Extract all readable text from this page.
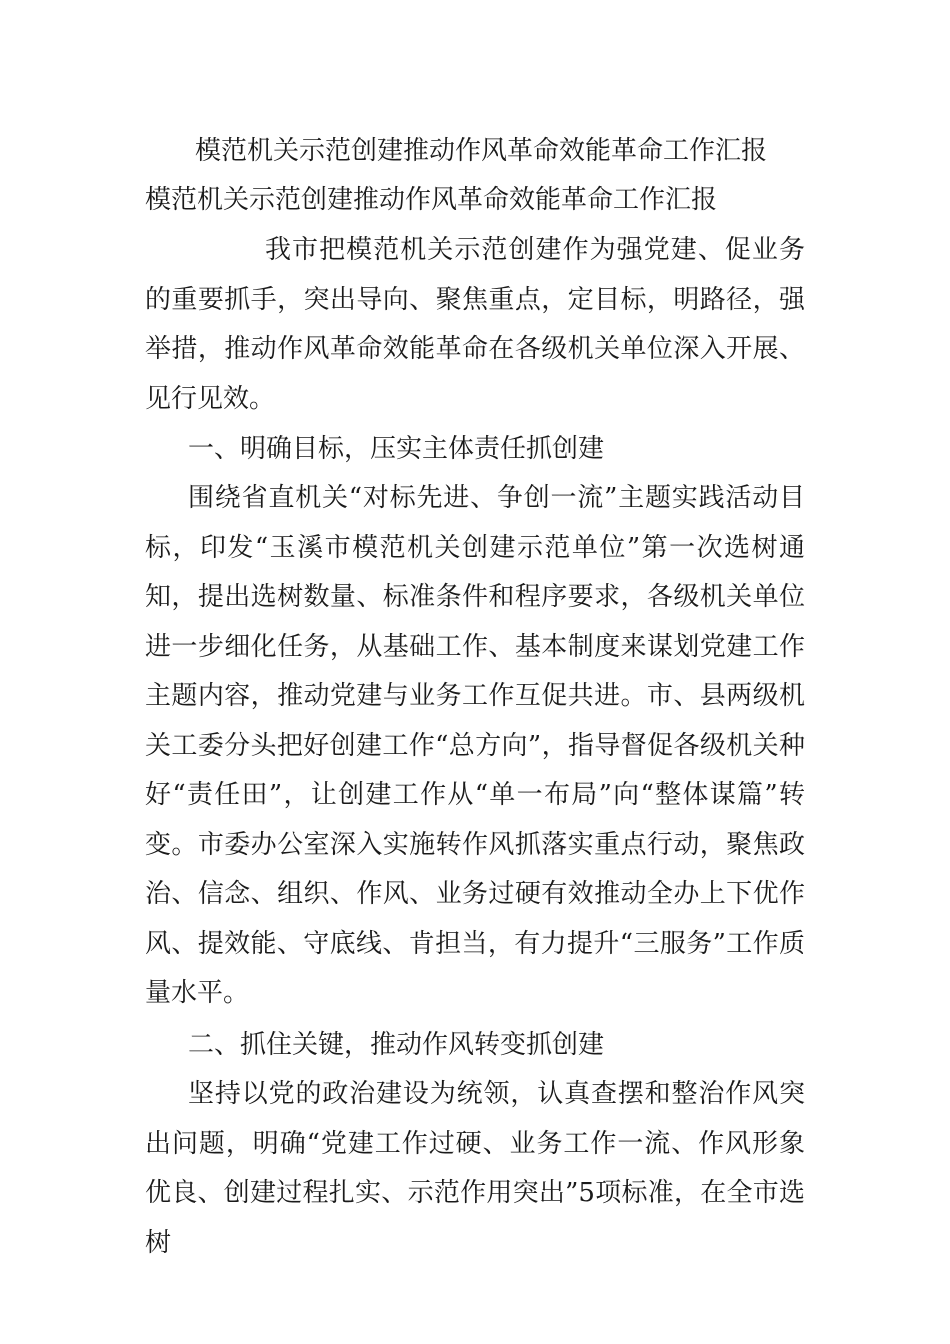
模范机关示范创建推动作风革命效能革命工作汇报
模范机关示范创建推动作风革命效能革命工作汇报

我市把模范机关示范创建作为强党建、促业务的重要抓手，突出导向、聚焦重点，定目标，明路径，强举措，推动作风革命效能革命在各级机关单位深入开展、见行见效。

一、明确目标，压实主体责任抓创建

围绕省直机关“对标先进、争创一流”主题实践活动目标，印发“玉溪市模范机关创建示范单位”第一次选树通知，提出选树数量、标准条件和程序要求，各级机关单位进一步细化任务，从基础工作、基本制度来谋划党建工作主题内容，推动党建与业务工作互促共进。市、县两级机关工委分头把好创建工作“总方向”，指导督促各级机关种好“责任田”，让创建工作从“单一布局”向“整体谋篇”转变。市委办公室深入实施转作风抓落实重点行动，聚焦政治、信念、组织、作风、业务过硬有效推动全办上下优作风、提效能、守底线、肯担当，有力提升“三服务”工作质量水平。

二、抓住关键，推动作风转变抓创建

坚持以党的政治建设为统领，认真查摆和整治作风突出问题，明确“党建工作过硬、业务工作一流、作风形象优良、创建过程扎实、示范作用突出”5项标准，在全市选树
